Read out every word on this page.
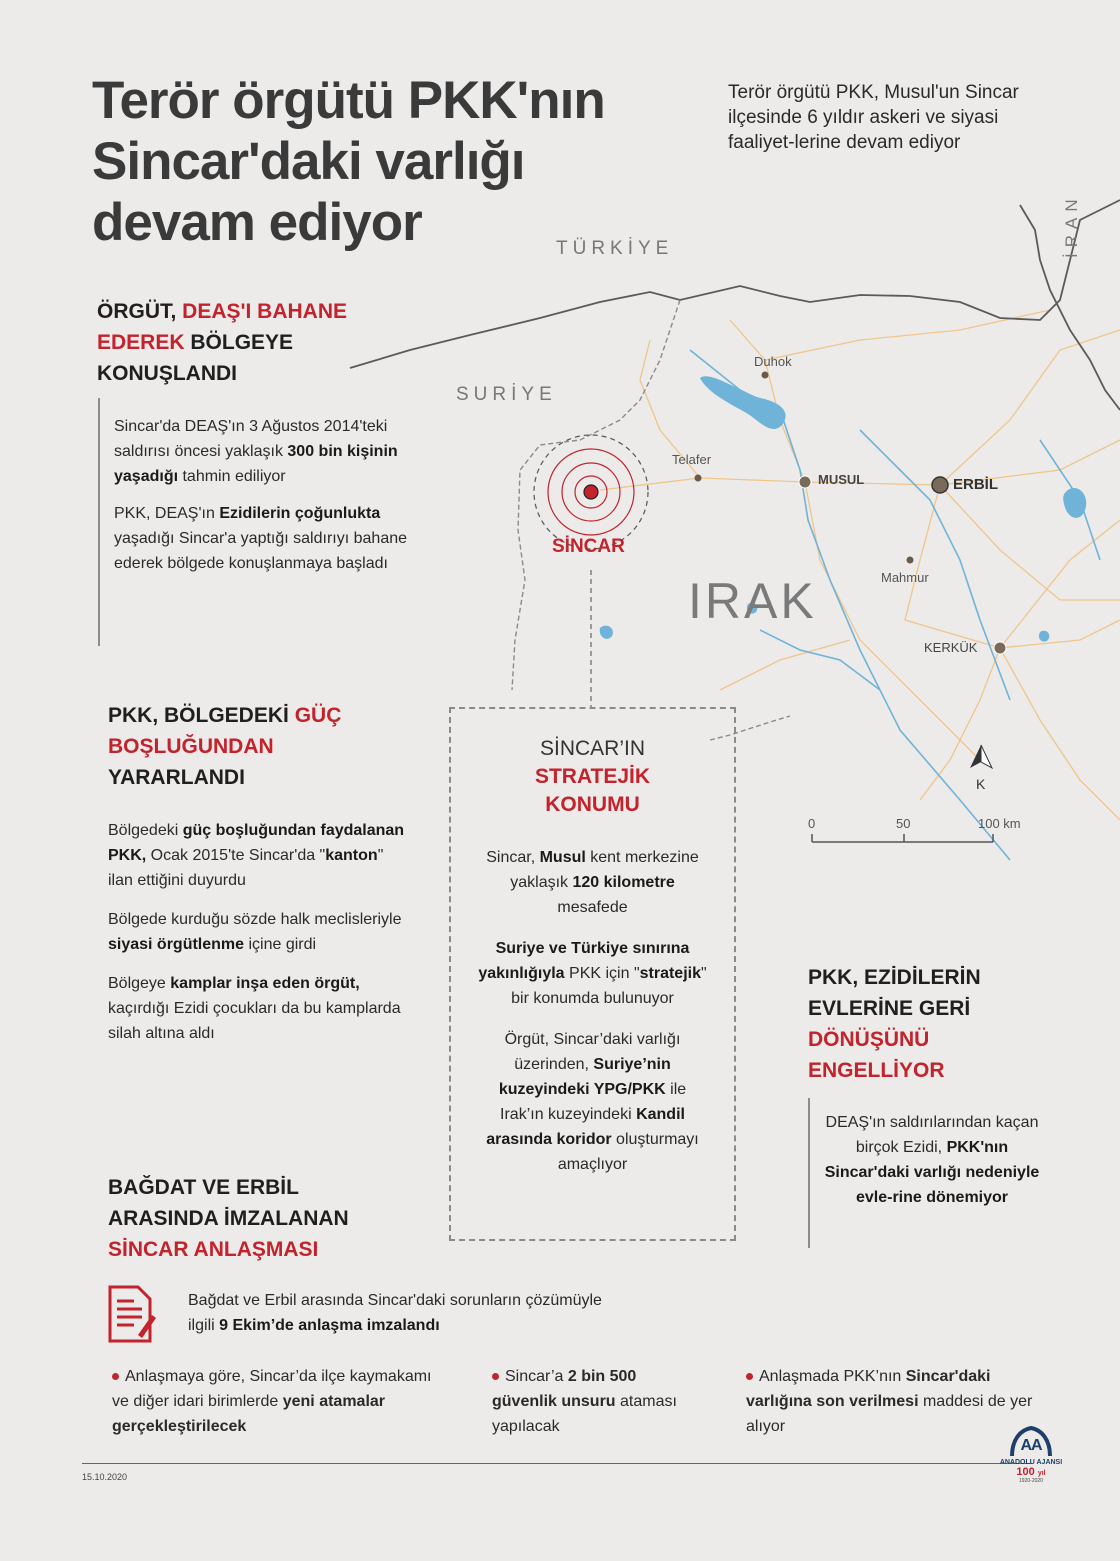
TÜRKİYE
SURİYE
IRAK
İRAN
Duhok
Telafer
MUSUL	ERBİL
Mahmur
KERKÜK
SİNCAR
K
0	50	100 km
Terör örgütü PKK'nın
Sincar'daki varlığı
devam ediyor
Terör örgütü PKK, Musul'un Sincar ilçesinde 6 yıldır askeri ve siyasi faaliyet-lerine devam ediyor
ÖRGÜT, DEAŞ'I BAHANE EDEREK BÖLGEYE KONUŞLANDI

Sincar'da DEAŞ'ın 3 Ağustos 2014'teki saldırısı öncesi yaklaşık 300 bin kişinin yaşadığı tahmin ediliyor

PKK, DEAŞ'ın Ezidilerin çoğunlukta yaşadığı Sincar'a yaptığı saldırıyı bahane ederek bölgede konuşlanmaya başladı

PKK, BÖLGEDEKİ GÜÇ BOŞLUĞUNDAN YARARLANDI

Bölgedeki güç boşluğundan faydalanan PKK, Ocak 2015'te Sincar'da "kanton" ilan ettiğini duyurdu

Bölgede kurduğu sözde halk meclisleriyle siyasi örgütlenme içine girdi

Bölgeye kamplar inşa eden örgüt, kaçırdığı Ezidi çocukları da bu kamplarda silah altına aldı

SİNCAR’IN
STRATEJİK
KONUMU

Sincar, Musul kent merkezine yaklaşık 120 kilometre mesafede

Suriye ve Türkiye sınırına yakınlığıyla PKK için "stratejik" bir konumda bulunuyor

Örgüt, Sincar’daki varlığı üzerinden, Suriye’nin kuzeyindeki YPG/PKK ile Irak’ın kuzeyindeki Kandil arasında koridor oluşturmayı amaçlıyor

PKK, EZİDİLERİN EVLERİNE GERİ DÖNÜŞÜNÜ ENGELLİYOR

DEAŞ'ın saldırılarından kaçan birçok Ezidi, PKK'nın Sincar'daki varlığı nedeniyle evle-rine dönemiyor

BAĞDAT VE ERBİL ARASINDA İMZALANAN SİNCAR ANLAŞMASI

Bağdat ve Erbil arasında Sincar'daki sorunların çözümüyle ilgili 9 Ekim’de anlaşma imzalandı

Anlaşmaya göre, Sincar’da ilçe kaymakamı ve diğer idari birimlerde yeni atamalar gerçekleştirilecek
Sincar’a 2 bin 500 güvenlik unsuru ataması yapılacak
Anlaşmada PKK’nın Sincar'daki varlığına son verilmesi maddesi de yer alıyor
15.10.2020
AA
ANADOLU AJANSI
100 yıl
1920-2020
